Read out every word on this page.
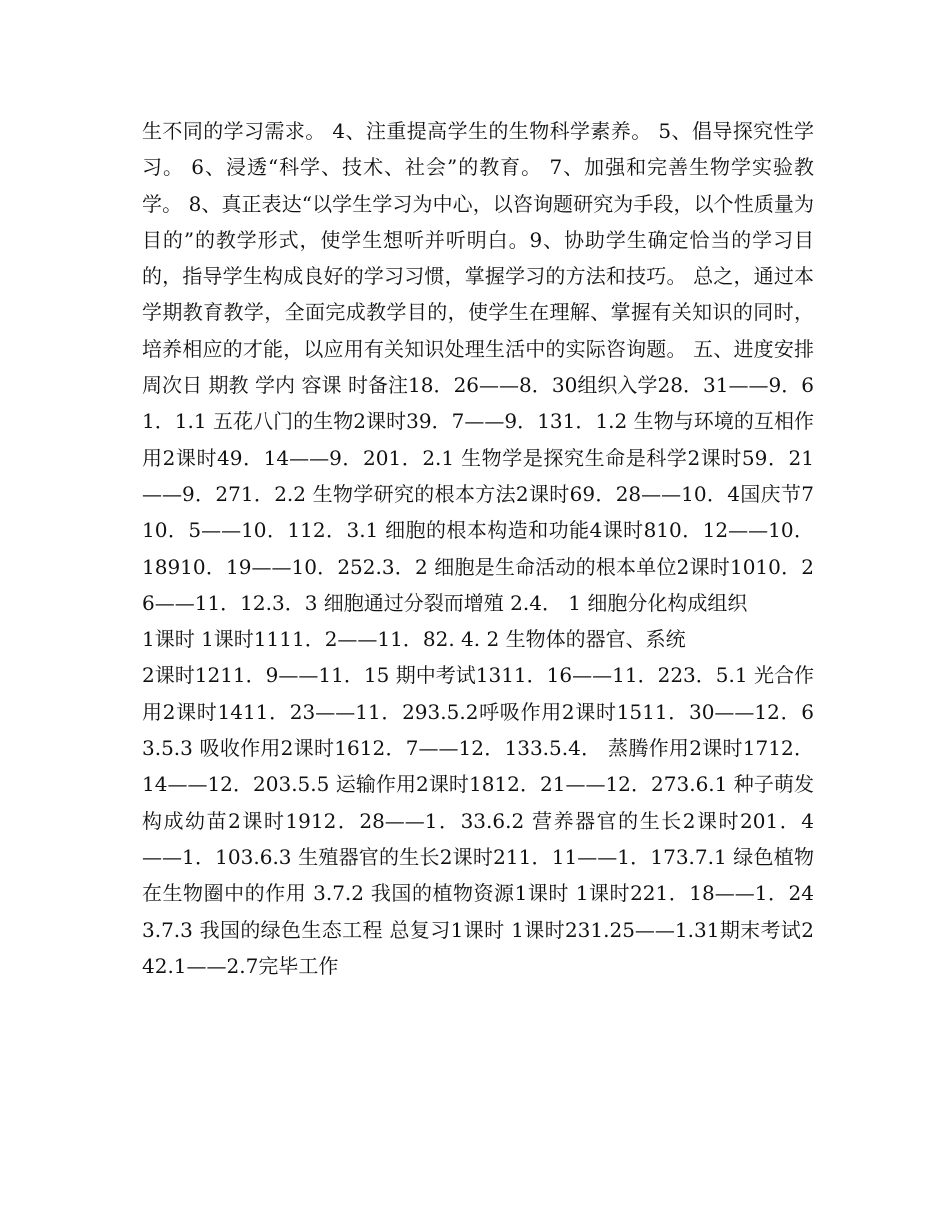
生不同的学习需求。 4、注重提高学生的生物科学素养。 5、倡导探究性学习。 6、浸透“科学、技术、社会”的教育。 7、加强和完善生物学实验教学。 8、真正表达“以学生学习为中心，以咨询题研究为手段，以个性质量为目的”的教学形式，使学生想听并听明白。9、协助学生确定恰当的学习目的，指导学生构成良好的学习习惯，掌握学习的方法和技巧。 总之，通过本学期教育教学，全面完成教学目的，使学生在理解、掌握有关知识的同时，培养相应的才能，以应用有关知识处理生活中的实际咨询题。 五、进度安排 周次日 期教 学内 容课 时备注18．26——8．30组织入学28．31——9．61．1.1 五花八门的生物2课时39．7——9．131．1.2 生物与环境的互相作用2课时49．14——9．201．2.1 生物学是探究生命是科学2课时59．21——9．271．2.2 生物学研究的根本方法2课时69．28——10．4国庆节710．5——10．112．3.1 细胞的根本构造和功能4课时810．12——10．18910．19——10．252.3．2 细胞是生命活动的根本单位2课时1010．26——11．12.3．3 细胞通过分裂而增殖 2.4． 1 细胞分化构成组织

1课时 1课时1111．2——11．82. 4. 2 生物体的器官、系统

2课时1211．9——11．15 期中考试1311．16——11．223．5.1 光合作用2课时1411．23——11．293.5.2呼吸作用2课时1511．30——12．63.5.3 吸收作用2课时1612．7——12．133.5.4． 蒸腾作用2课时1712．14——12．203.5.5 运输作用2课时1812．21——12．273.6.1 种子萌发构成幼苗2课时1912．28——1．33.6.2 营养器官的生长2课时201．4——1．103.6.3 生殖器官的生长2课时211．11——1．173.7.1 绿色植物在生物圈中的作用 3.7.2 我国的植物资源1课时 1课时221．18——1．243.7.3 我国的绿色生态工程 总复习1课时 1课时231.25——1.31期末考试242.1——2.7完毕工作
